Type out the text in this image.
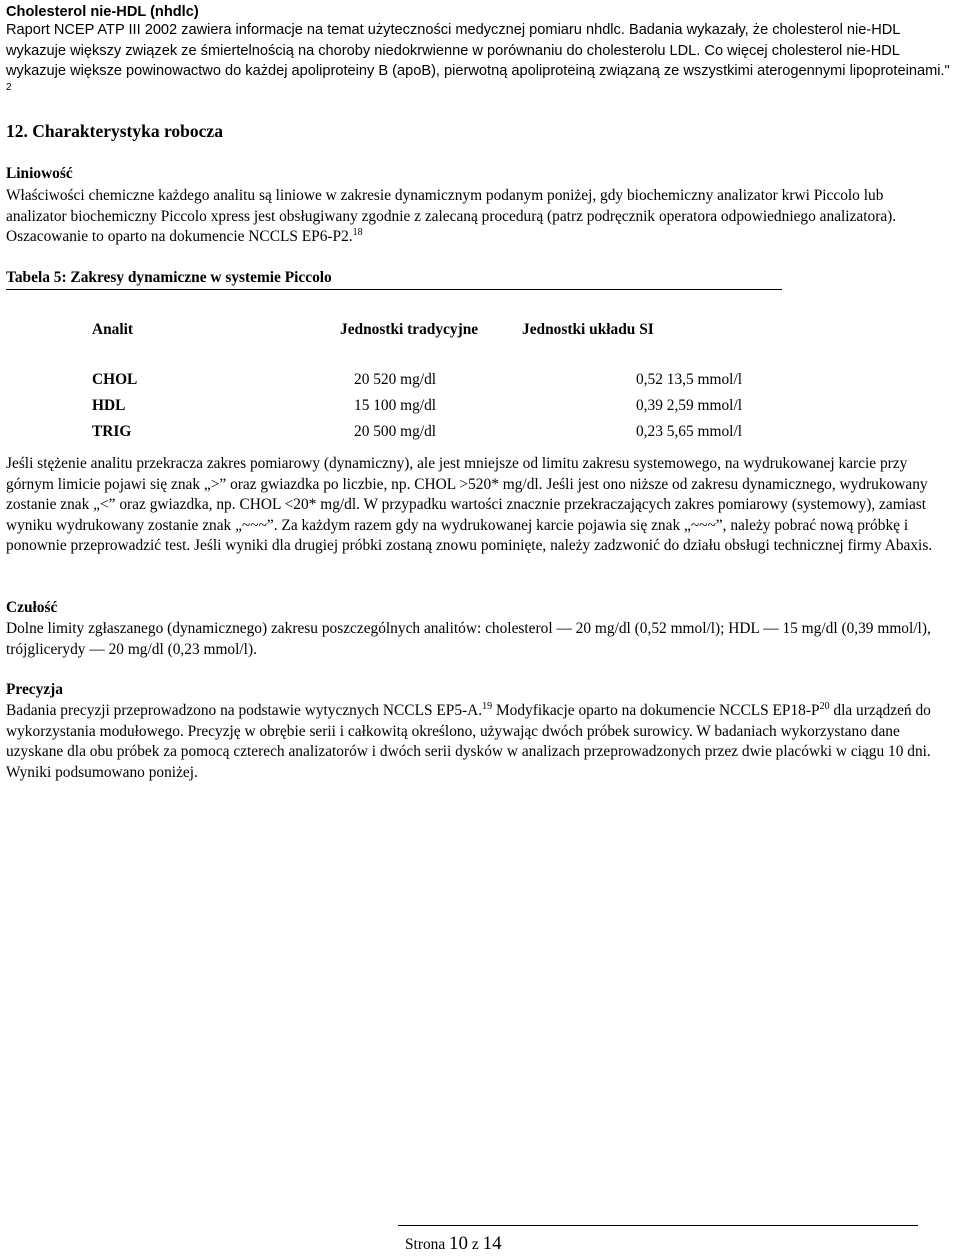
Cholesterol nie-HDL (nhdlc)

Raport NCEP ATP III 2002 zawiera informacje na temat użyteczności medycznej pomiaru nhdlc. Badania wykazały, że cholesterol nie-HDL wykazuje większy związek ze śmiertelnością na choroby niedokrwienne w porównaniu do cholesterolu LDL. Co więcej cholesterol nie-HDL wykazuje większe powinowactwo do każdej apoliproteiny B (apoB), pierwotną apoliproteiną związaną ze wszystkimi aterogennymi lipoproteinami." $^2$

12. Charakterystyka robocza
Liniowość

Właściwości chemiczne każdego analitu są liniowe w zakresie dynamicznym podanym poniżej, gdy biochemiczny analizator krwi Piccolo lub analizator biochemiczny Piccolo xpress jest obsługiwany zgodnie z zalecaną procedurą (patrz podręcznik operatora odpowiedniego analizatora). Oszacowanie to oparto na dokumencie NCCLS EP6-P2.18

Tabela 5: Zakresy dynamiczne w systemie Piccolo
Analit	Jednostki tradycyjne	Jednostki układu SI

CHOL	20 520 mg/dl	0,52 13,5 mmol/l
HDL	15 100 mg/dl	0,39 2,59 mmol/l
TRIG	20 500 mg/dl	0,23 5,65 mmol/l

Jeśli stężenie analitu przekracza zakres pomiarowy (dynamiczny), ale jest mniejsze od limitu zakresu systemowego, na wydrukowanej karcie przy górnym limicie pojawi się znak „>” oraz gwiazdka po liczbie, np. CHOL >520* mg/dl. Jeśli jest ono niższe od zakresu dynamicznego, wydrukowany zostanie znak „<” oraz gwiazdka, np. CHOL <20* mg/dl. W przypadku wartości znacznie przekraczających zakres pomiarowy (systemowy), zamiast wyniku wydrukowany zostanie znak „~~~”. Za każdym razem gdy na wydrukowanej karcie pojawia się znak „~~~”, należy pobrać nową próbkę i ponownie przeprowadzić test. Jeśli wyniki dla drugiej próbki zostaną znowu pominięte, należy zadzwonić do działu obsługi technicznej firmy Abaxis.

Czułość

Dolne limity zgłaszanego (dynamicznego) zakresu poszczególnych analitów: cholesterol — 20 mg/dl (0,52 mmol/l); HDL — 15 mg/dl (0,39 mmol/l), trójglicerydy — 20 mg/dl (0,23 mmol/l).

Precyzja

Badania precyzji przeprowadzono na podstawie wytycznych NCCLS EP5-A.$^{19}$ Modyfikacje oparto na dokumencie NCCLS $EP18-P^{20}$ dla urządzeń do wykorzystania modułowego. Precyzję w obrębie serii i całkowitą określono, używając dwóch próbek surowicy. W badaniach wykorzystano dane uzyskane dla obu próbek za pomocą czterech analizatorów i dwóch serii dysków w analizach przeprowadzonych przez dwie placówki w ciągu 10 dni. Wyniki podsumowano poniżej.

Strona 10 z 14
